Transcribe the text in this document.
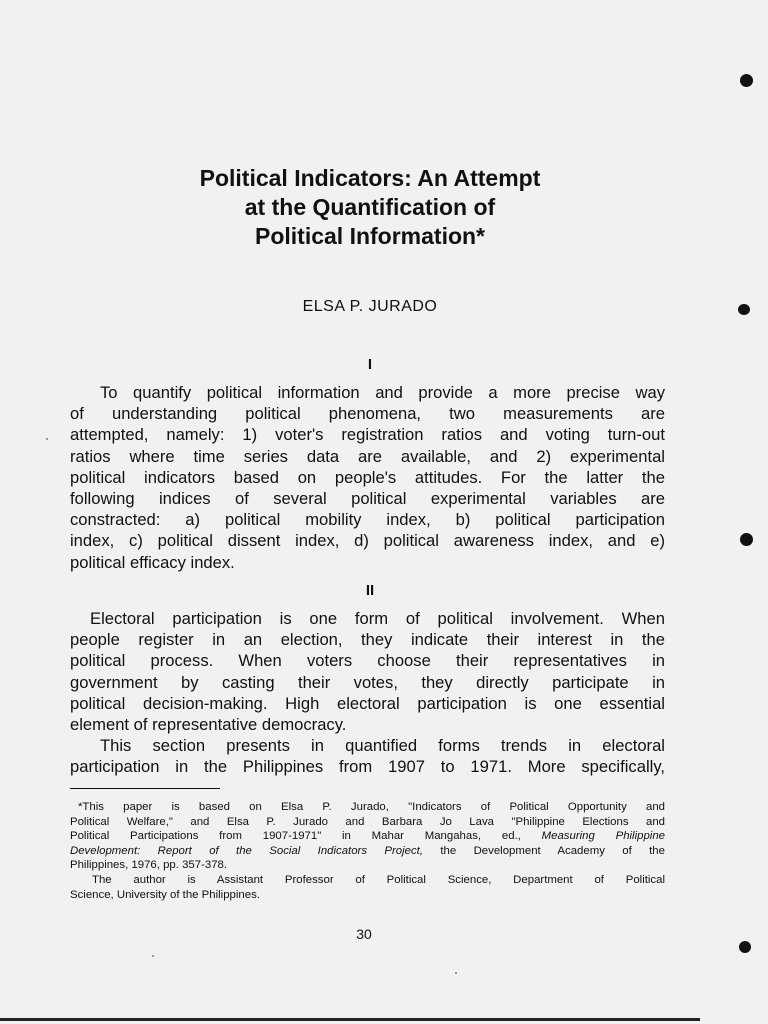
Political Indicators: An Attempt
at the Quantification of
Political Information*
ELSA P. JURADO
I

To quantify political information and provide a more precise way
of understanding political phenomena, two measurements are
attempted, namely: 1) voter's registration ratios and voting turn-out
ratios where time series data are available, and 2) experimental
political indicators based on people's attitudes. For the latter the
following indices of several political experimental variables are
constracted: a) political mobility index, b) political participation
index, c) political dissent index, d) political awareness index, and e)
political efficacy index.

II

Electoral participation is one form of political involvement. When
people register in an election, they indicate their interest in the
political process. When voters choose their representatives in
government by casting their votes, they directly participate in
political decision-making. High electoral participation is one essential
element of representative democracy.

This section presents in quantified forms trends in electoral
participation in the Philippines from 1907 to 1971. More specifically,

*This paper is based on Elsa P. Jurado, "Indicators of Political Opportunity and
Political Welfare," and Elsa P. Jurado and Barbara Jo Lava "Philippine Elections and
Political Participations from 1907-1971" in Mahar Mangahas, ed., Measuring Philippine
Development: Report of the Social Indicators Project, the Development Academy of the
Philippines, 1976, pp. 357-378.
The author is Assistant Professor of Political Science, Department of Political
Science, University of the Philippines.
30
